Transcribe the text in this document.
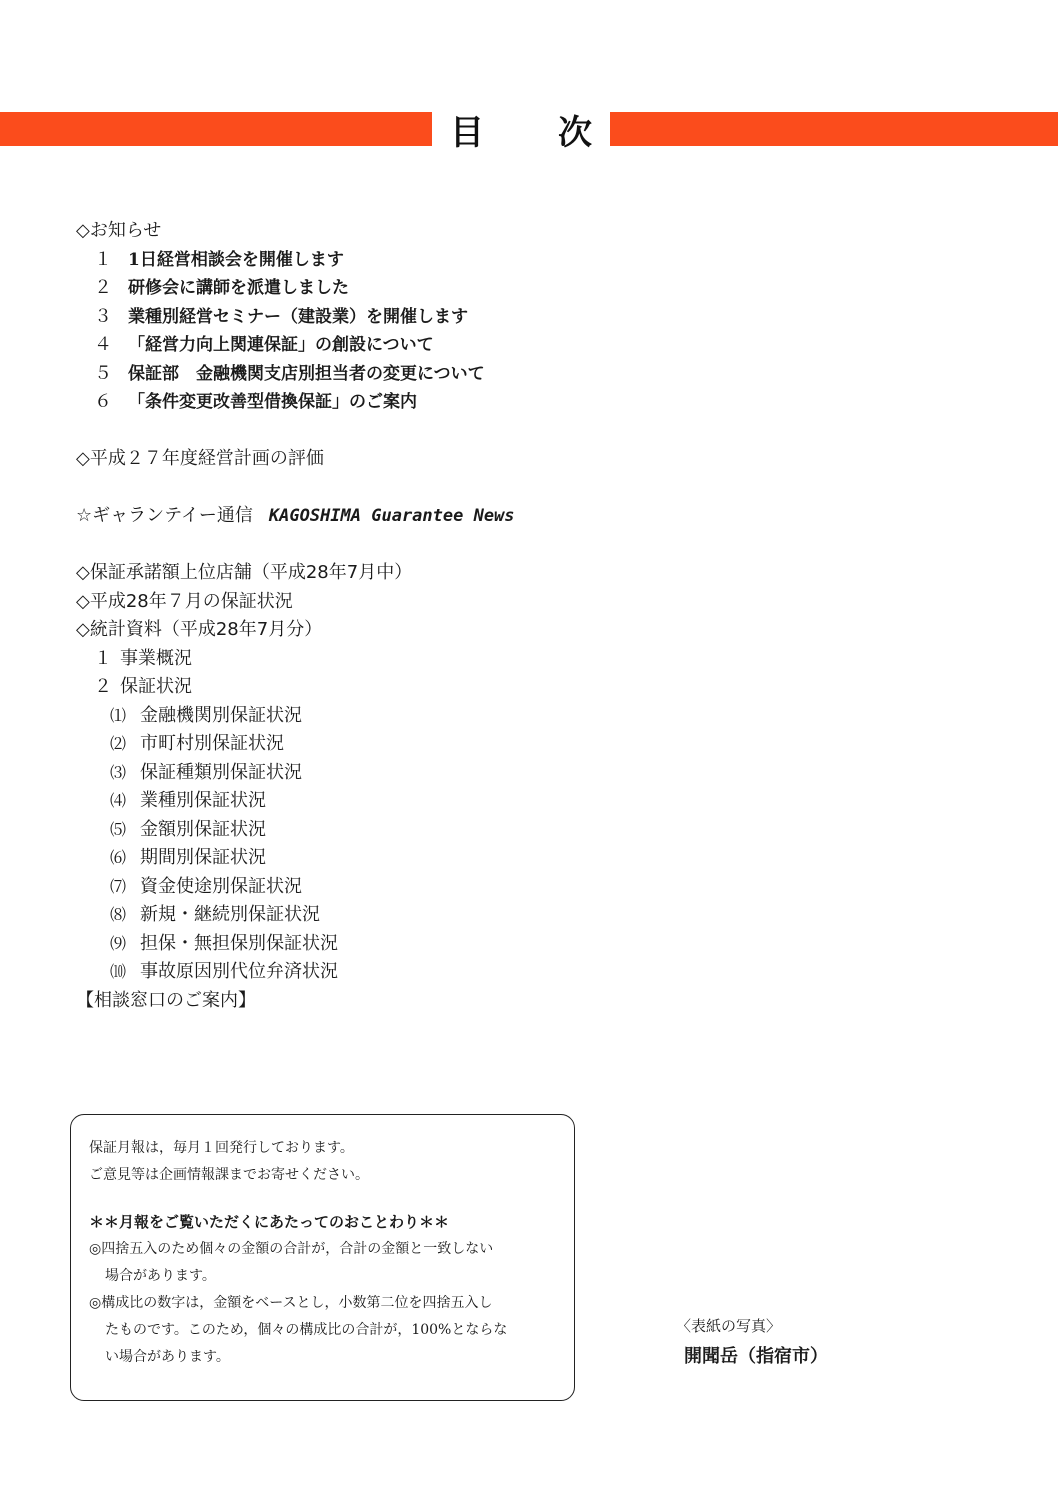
目 次
◇お知らせ
１ 1日経営相談会を開催します
２ 研修会に講師を派遣しました
３ 業種別経営セミナー（建設業）を開催します
４ 「経営力向上関連保証」の創設について
５ 保証部　金融機関支店別担当者の変更について
６ 「条件変更改善型借換保証」のご案内
◇平成２７年度経営計画の評価
☆ギャランテイー通信 KAGOSHIMA Guarantee News
◇保証承諾額上位店舗（平成28年7月中）
◇平成28年７月の保証状況
◇統計資料（平成28年7月分）
１ 事業概況
２ 保証状況
⑴ 金融機関別保証状況
⑵ 市町村別保証状況
⑶ 保証種類別保証状況
⑷ 業種別保証状況
⑸ 金額別保証状況
⑹ 期間別保証状況
⑺ 資金使途別保証状況
⑻ 新規・継続別保証状況
⑼ 担保・無担保別保証状況
⑽ 事故原因別代位弁済状況
【相談窓口のご案内】
保証月報は，毎月１回発行しております。
ご意見等は企画情報課までお寄せください。
＊＊月報をご覧いただくにあたってのおことわり＊＊
◎四捨五入のため個々の金額の合計が，合計の金額と一致しない
場合があります。
◎構成比の数字は，金額をベースとし，小数第二位を四捨五入し
たものです。このため，個々の構成比の合計が，100%とならな
い場合があります。
〈表紙の写真〉
開聞岳（指宿市）
